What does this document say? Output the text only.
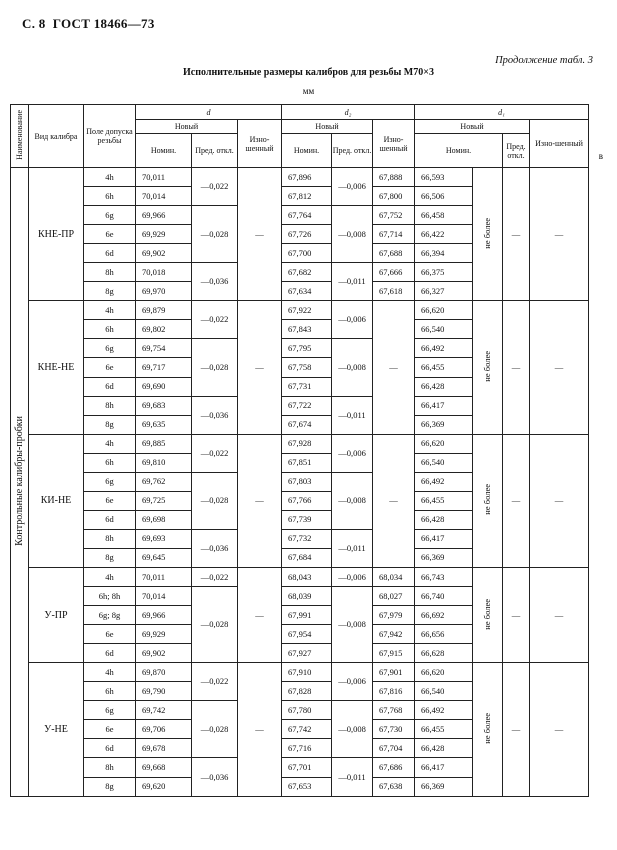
С. 8 ГОСТ 18466—73
Продолжение табл. 3
Исполнительные размеры калибров для резьбы М70×3
мм
в
Наименование	Вид калибра	Поле допуска резьбы	d			d₂			d₁			
			Новый		Изно-шенный	Новый		Изно-шенный	Новый			Изно-шенный
			Номин.	Пред. откл.		Номин.	Пред. откл.		Номин.		Пред. откл.	
Контрольные калибры-пробки	КНЕ-ПР	4h	70,011	—0,022	—	67,896	—0,006	67,888	66,593	не более	—	—
		6h	70,014			67,812		67,800	66,506			
		6g	69,966	—0,028		67,764	—0,008	67,752	66,458			
		6e	69,929			67,726		67,714	66,422			
		6d	69,902			67,700		67,688	66,394			
		8h	70,018	—0,036		67,682	—0,011	67,666	66,375			
		8g	69,970			67,634		67,618	66,327			
	КНЕ-НЕ	4h	69,879	—0,022	—	67,922	—0,006	—	66,620	не более	—	—
		6h	69,802			67,843			66,540			
		6g	69,754	—0,028		67,795	—0,008		66,492			
		6e	69,717			67,758			66,455			
		6d	69,690			67,731			66,428			
		8h	69,683	—0,036		67,722	—0,011		66,417			
		8g	69,635			67,674			66,369			
	КИ-НЕ	4h	69,885	—0,022	—	67,928	—0,006	—	66,620	не более	—	—
		6h	69,810			67,851			66,540			
		6g	69,762	—0,028		67,803	—0,008		66,492			
		6e	69,725			67,766			66,455			
		6d	69,698			67,739			66,428			
		8h	69,693	—0,036		67,732	—0,011		66,417			
		8g	69,645			67,684			66,369			
	У-ПР	4h	70,011	—0,022	—	68,043	—0,006	68,034	66,743	не более	—	—
		6h; 8h	70,014	—0,028		68,039	—0,008	68,027	66,740			
		6g; 8g	69,966			67,991		67,979	66,692			
		6e	69,929			67,954		67,942	66,656			
		6d	69,902			67,927		67,915	66,628			
	У-НЕ	4h	69,870	—0,022	—	67,910	—0,006	67,901	66,620	не более	—	—
		6h	69,790			67,828		67,816	66,540			
		6g	69,742	—0,028		67,780	—0,008	67,768	66,492			
		6e	69,706			67,742		67,730	66,455			
		6d	69,678			67,716		67,704	66,428			
		8h	69,668	—0,036		67,701	—0,011	67,686	66,417			
		8g	69,620			67,653		67,638	66,369			
